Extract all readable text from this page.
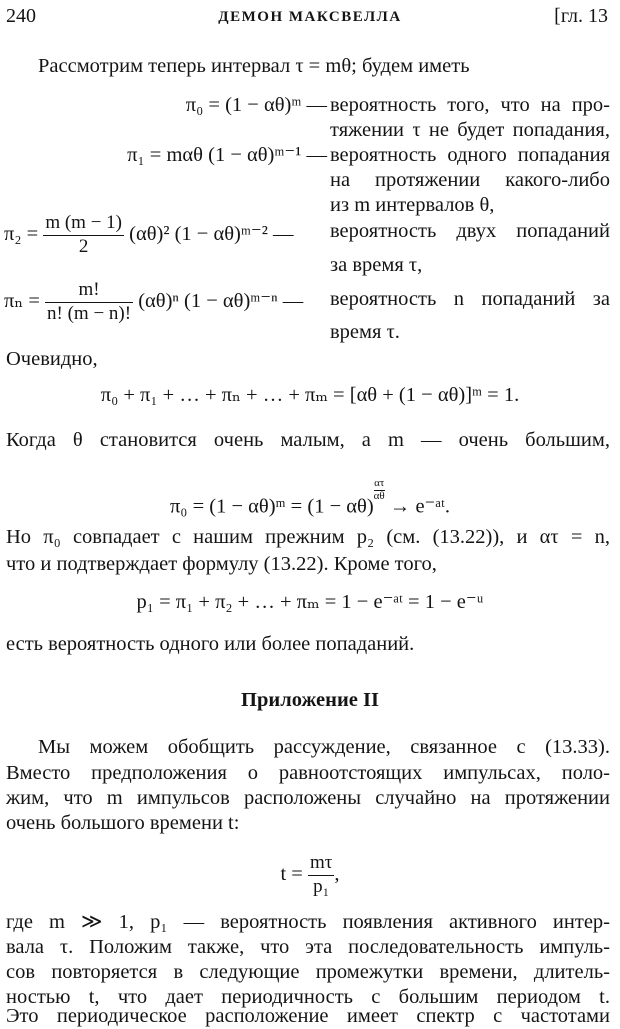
240	ДЕМОН МАКСВЕЛЛА	[гл. 13
Рассмотрим теперь интервал τ = mθ; будем иметь
π₀ = (1 − αθ)ᵐ — вероятность того, что на про-
тяжении τ не будет попадания,
π₁ = mαθ (1 − αθ)ᵐ⁻¹ — вероятность одного попадания
на протяжении какого-либо
из m интервалов θ,
$\pi_2 = \frac{m (m - 1)}{2} (\alpha\theta)^2$ (1 − αθ)ᵐ⁻² — вероятность двух попаданий
за время τ,
$\pi_n = \frac{m!}{n! (m - n)!} (\alpha\theta)^n$ (1 − αθ)ᵐ⁻ⁿ — вероятность n попаданий за
время τ.
Очевидно,
π₀ + π₁ + … + πₙ + … + πₘ = [αθ + (1 − αθ)]ᵐ = 1.
Когда θ становится очень малым, а m — очень большим,
π₀ = (1 − αθ)ᵐ = (1 − αθ)
$\frac{\alpha\tau}{\alpha\theta}$
→ e⁻ᵃᵗ.
Но π₀ совпадает с нашим прежним p₂ (см. (13.22)), и ατ = n,
что и подтверждает формулу (13.22). Кроме того,
p₁ = π₁ + π₂ + … + πₘ = 1 − e⁻ᵃᵗ = 1 − e⁻ᵘ
есть вероятность одного или более попаданий.
Приложение II
Мы можем обобщить рассуждение, связанное с (13.33).
Вместо предположения о равноотстоящих импульсах, поло-
жим, что m импульсов расположены случайно на протяжении
очень большого времени t:
$t = \frac{m\tau}{\text{p₁}}$ ,
где m ≫ 1, p₁ — вероятность появления активного интер-
вала τ. Положим также, что эта последовательность импуль-
сов повторяется в следующие промежутки времени, длитель-
ностью t, что дает периодичность с большим периодом t.
Это периодическое расположение имеет спектр с частотами
